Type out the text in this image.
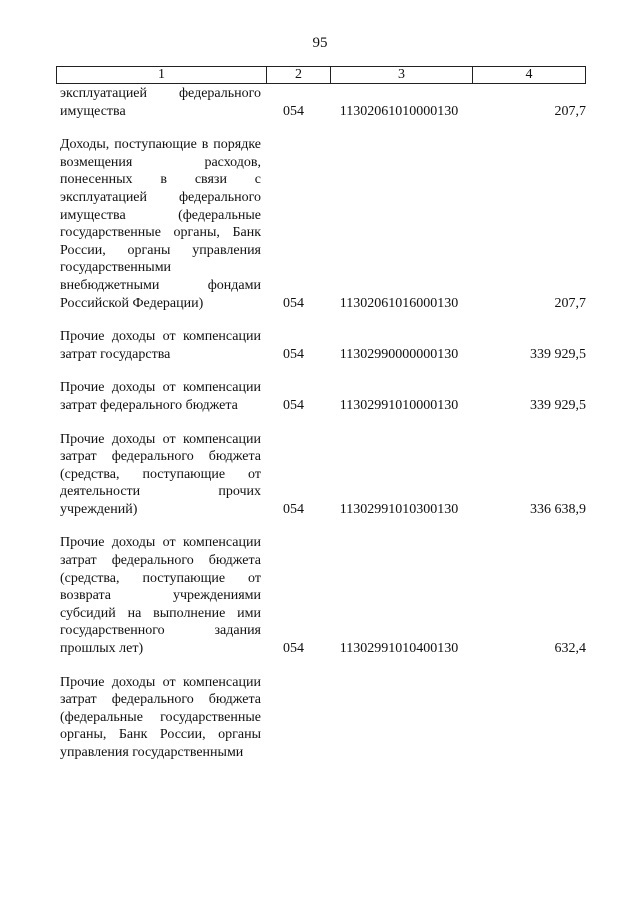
95
1	2	3	4
эксплуатацией федерального имущества	054	11302061010000130	207,7
Доходы, поступающие в порядке возмещения расходов, понесенных в связи с эксплуатацией федерального имущества (федеральные государственные органы, Банк России, органы управления государственными внебюджетными фондами Российской Федерации)	054	11302061016000130	207,7
Прочие доходы от компенсации затрат государства	054	11302990000000130	339 929,5
Прочие доходы от компенсации затрат федерального бюджета	054	11302991010000130	339 929,5
Прочие доходы от компенсации затрат федерального бюджета (средства, поступающие от деятельности прочих учреждений)	054	11302991010300130	336 638,9
Прочие доходы от компенсации затрат федерального бюджета (средства, поступающие от возврата учреждениями субсидий на выполнение ими государственного задания прошлых лет)	054	11302991010400130	632,4
Прочие доходы от компенсации затрат федерального бюджета (федеральные государственные органы, Банк России, органы управления государственными
